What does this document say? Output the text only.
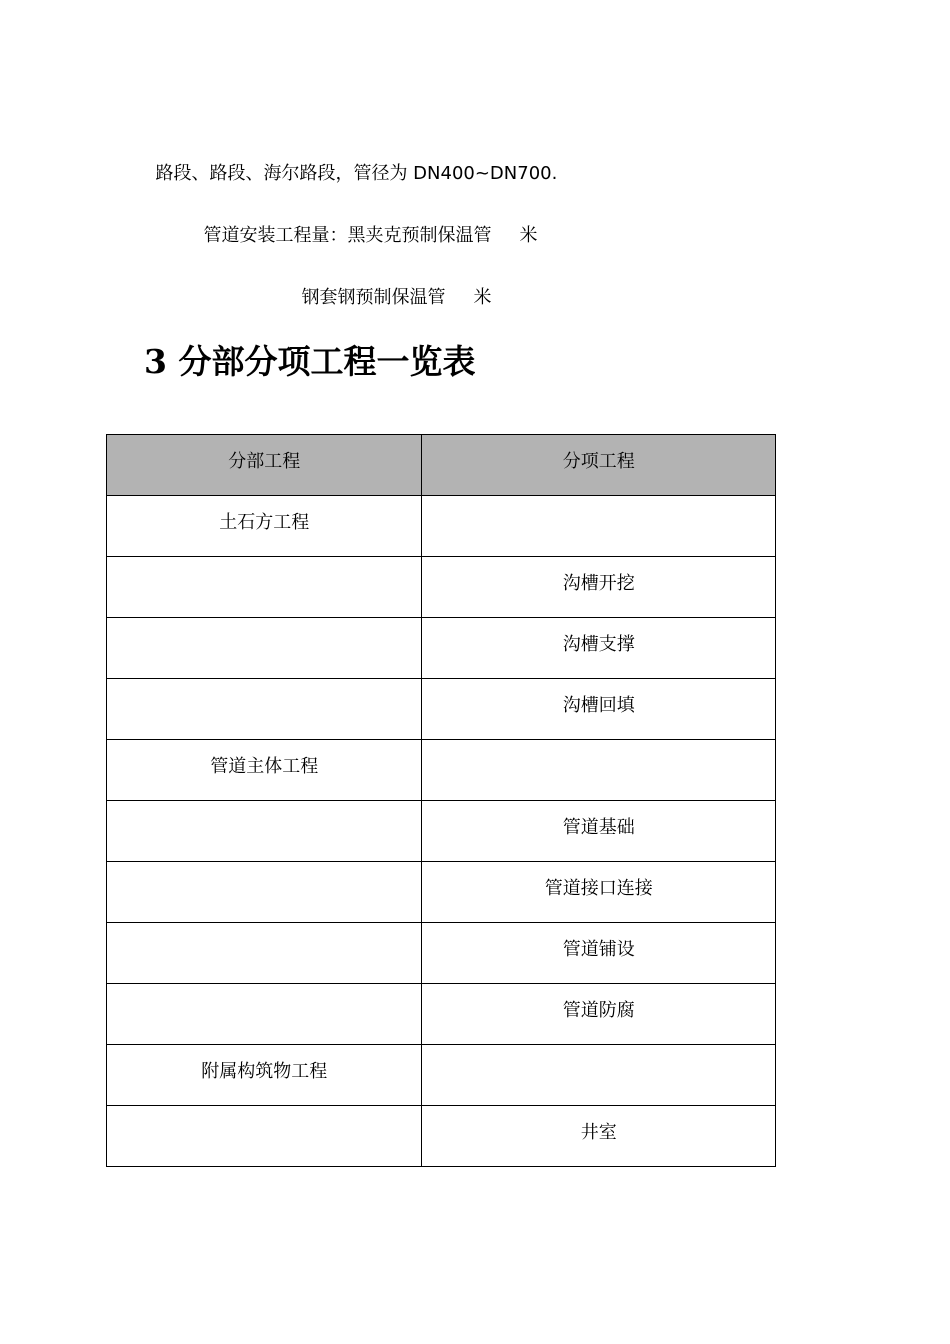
路段、路段、海尔路段，管径为 DN400~DN700.

管道安装工程量：黑夹克预制保温管 米

钢套钢预制保温管 米

3 分部分项工程一览表
分部工程	分项工程
土石方工程	
	沟槽开挖
	沟槽支撑
	沟槽回填
管道主体工程	
	管道基础
	管道接口连接
	管道铺设
	管道防腐
附属构筑物工程	
	井室
